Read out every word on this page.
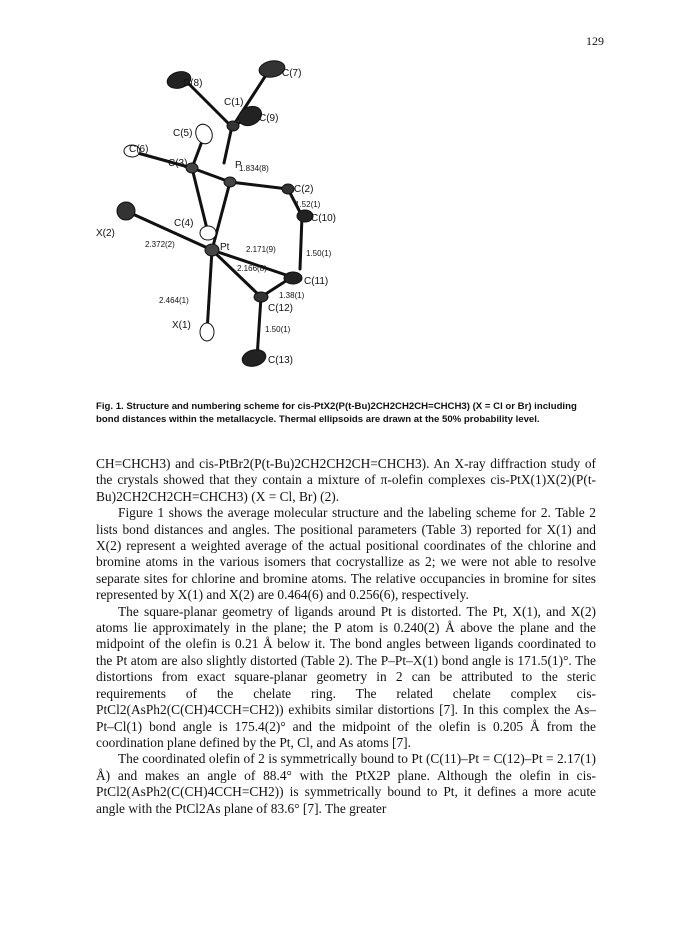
129
C(8)
C(7)
C(1)
C(9)
C(5)
C(6)
C(3)	P
C(2)
C(4)
X(2)
C(10)
Pt
C(11)
C(12)
X(1)
C(13)
1.834(8)
1.52(1)
2.372(2)
2.171(9)	1.50(1)
2.166(8)
1.38(1)
2.464(1)
1.50(1)
Fig. 1. Structure and numbering scheme for cis-PtX2(P(t-Bu)2CH2CH2CH=CHCH3) (X = Cl or Br) including bond distances within the metallacycle. Thermal ellipsoids are drawn at the 50% probability level.

CH=CHCH3) and cis-PtBr2(P(t-Bu)2CH2CH2CH=CHCH3). An X-ray diffraction study of the crystals showed that they contain a mixture of π-olefin complexes cis-PtX(1)X(2)(P(t-Bu)2CH2CH2CH=CHCH3) (X = Cl, Br) (2).

Figure 1 shows the average molecular structure and the labeling scheme for 2. Table 2 lists bond distances and angles. The positional parameters (Table 3) reported for X(1) and X(2) represent a weighted average of the actual positional coordinates of the chlorine and bromine atoms in the various isomers that cocrystallize as 2; we were not able to resolve separate sites for chlorine and bromine atoms. The relative occupancies in bromine for sites represented by X(1) and X(2) are 0.464(6) and 0.256(6), respectively.

The square-planar geometry of ligands around Pt is distorted. The Pt, X(1), and X(2) atoms lie approximately in the plane; the P atom is 0.240(2) Å above the plane and the midpoint of the olefin is 0.21 Å below it. The bond angles between ligands coordinated to the Pt atom are also slightly distorted (Table 2). The P–Pt–X(1) bond angle is 171.5(1)°. The distortions from exact square-planar geometry in 2 can be attributed to the steric requirements of the chelate ring. The related chelate complex cis-PtCl2(AsPh2(C(CH)4CCH=CH2)) exhibits similar distortions [7]. In this complex the As–Pt–Cl(1) bond angle is 175.4(2)° and the midpoint of the olefin is 0.205 Å from the coordination plane defined by the Pt, Cl, and As atoms [7].

The coordinated olefin of 2 is symmetrically bound to Pt (C(11)–Pt = C(12)–Pt = 2.17(1) Å) and makes an angle of 88.4° with the PtX2P plane. Although the olefin in cis-PtCl2(AsPh2(C(CH)4CCH=CH2)) is symmetrically bound to Pt, it defines a more acute angle with the PtCl2As plane of 83.6° [7]. The greater
